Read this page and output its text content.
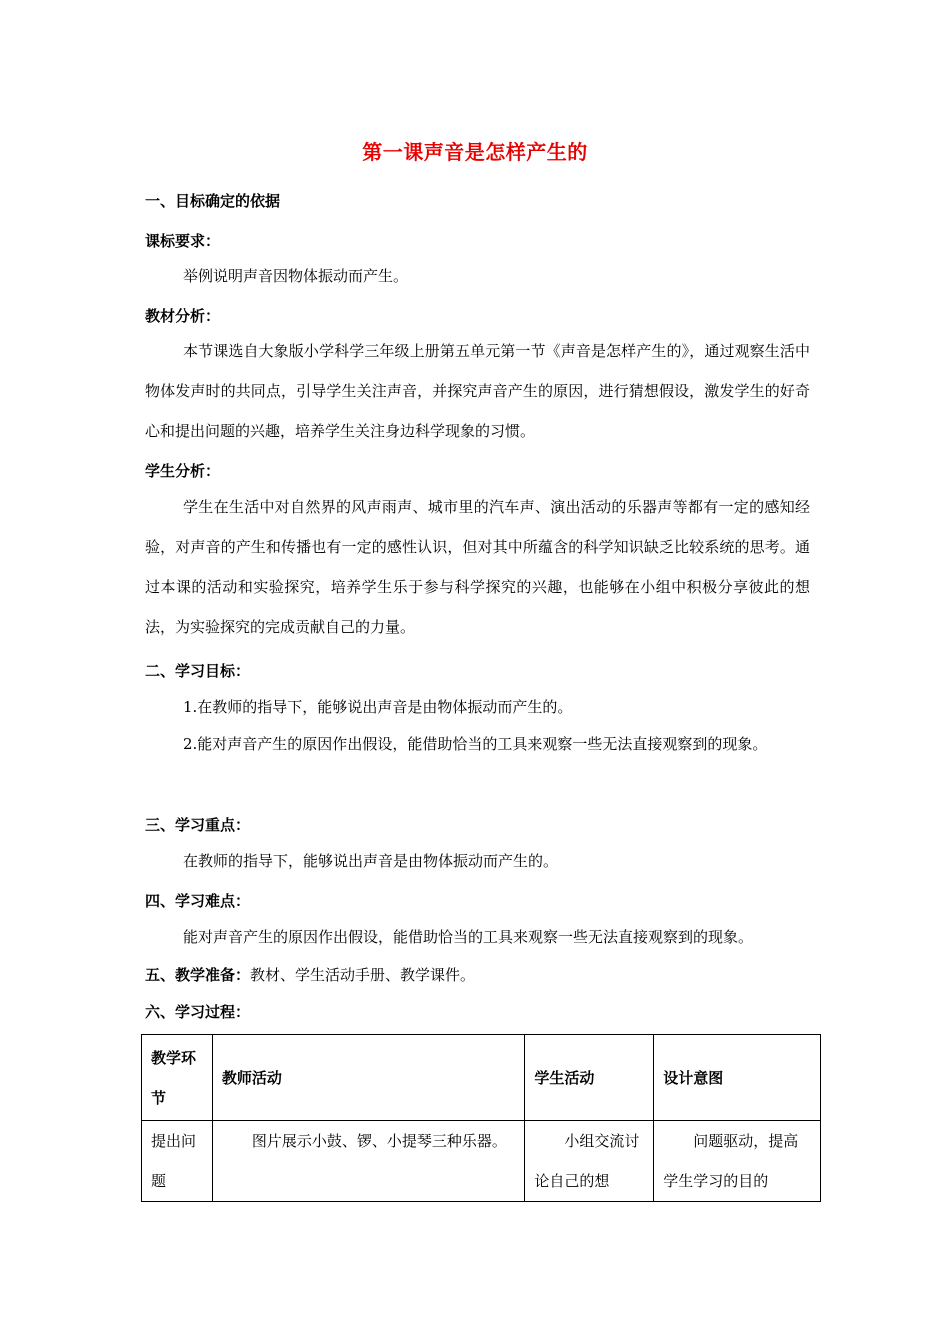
第一课声音是怎样产生的
一、目标确定的依据
课标要求：
举例说明声音因物体振动而产生。
教材分析：
本节课选自大象版小学科学三年级上册第五单元第一节《声音是怎样产生的》，通过观察生活中物体发声时的共同点，引导学生关注声音，并探究声音产生的原因，进行猜想假设，激发学生的好奇心和提出问题的兴趣，培养学生关注身边科学现象的习惯。
学生分析：
学生在生活中对自然界的风声雨声、城市里的汽车声、演出活动的乐器声等都有一定的感知经验，对声音的产生和传播也有一定的感性认识，但对其中所蕴含的科学知识缺乏比较系统的思考。通过本课的活动和实验探究，培养学生乐于参与科学探究的兴趣，也能够在小组中积极分享彼此的想法，为实验探究的完成贡献自己的力量。
二、学习目标：
1.在教师的指导下，能够说出声音是由物体振动而产生的。
2.能对声音产生的原因作出假设，能借助恰当的工具来观察一些无法直接观察到的现象。
三、学习重点：
在教师的指导下，能够说出声音是由物体振动而产生的。
四、学习难点：
能对声音产生的原因作出假设，能借助恰当的工具来观察一些无法直接观察到的现象。
五、教学准备：教材、学生活动手册、教学课件。
六、学习过程：
教学环节	教师活动	学生活动	设计意图
提出问题	图片展示小鼓、锣、小提琴三种乐器。	小组交流讨论自己的想	问题驱动，提高学生学习的目的
